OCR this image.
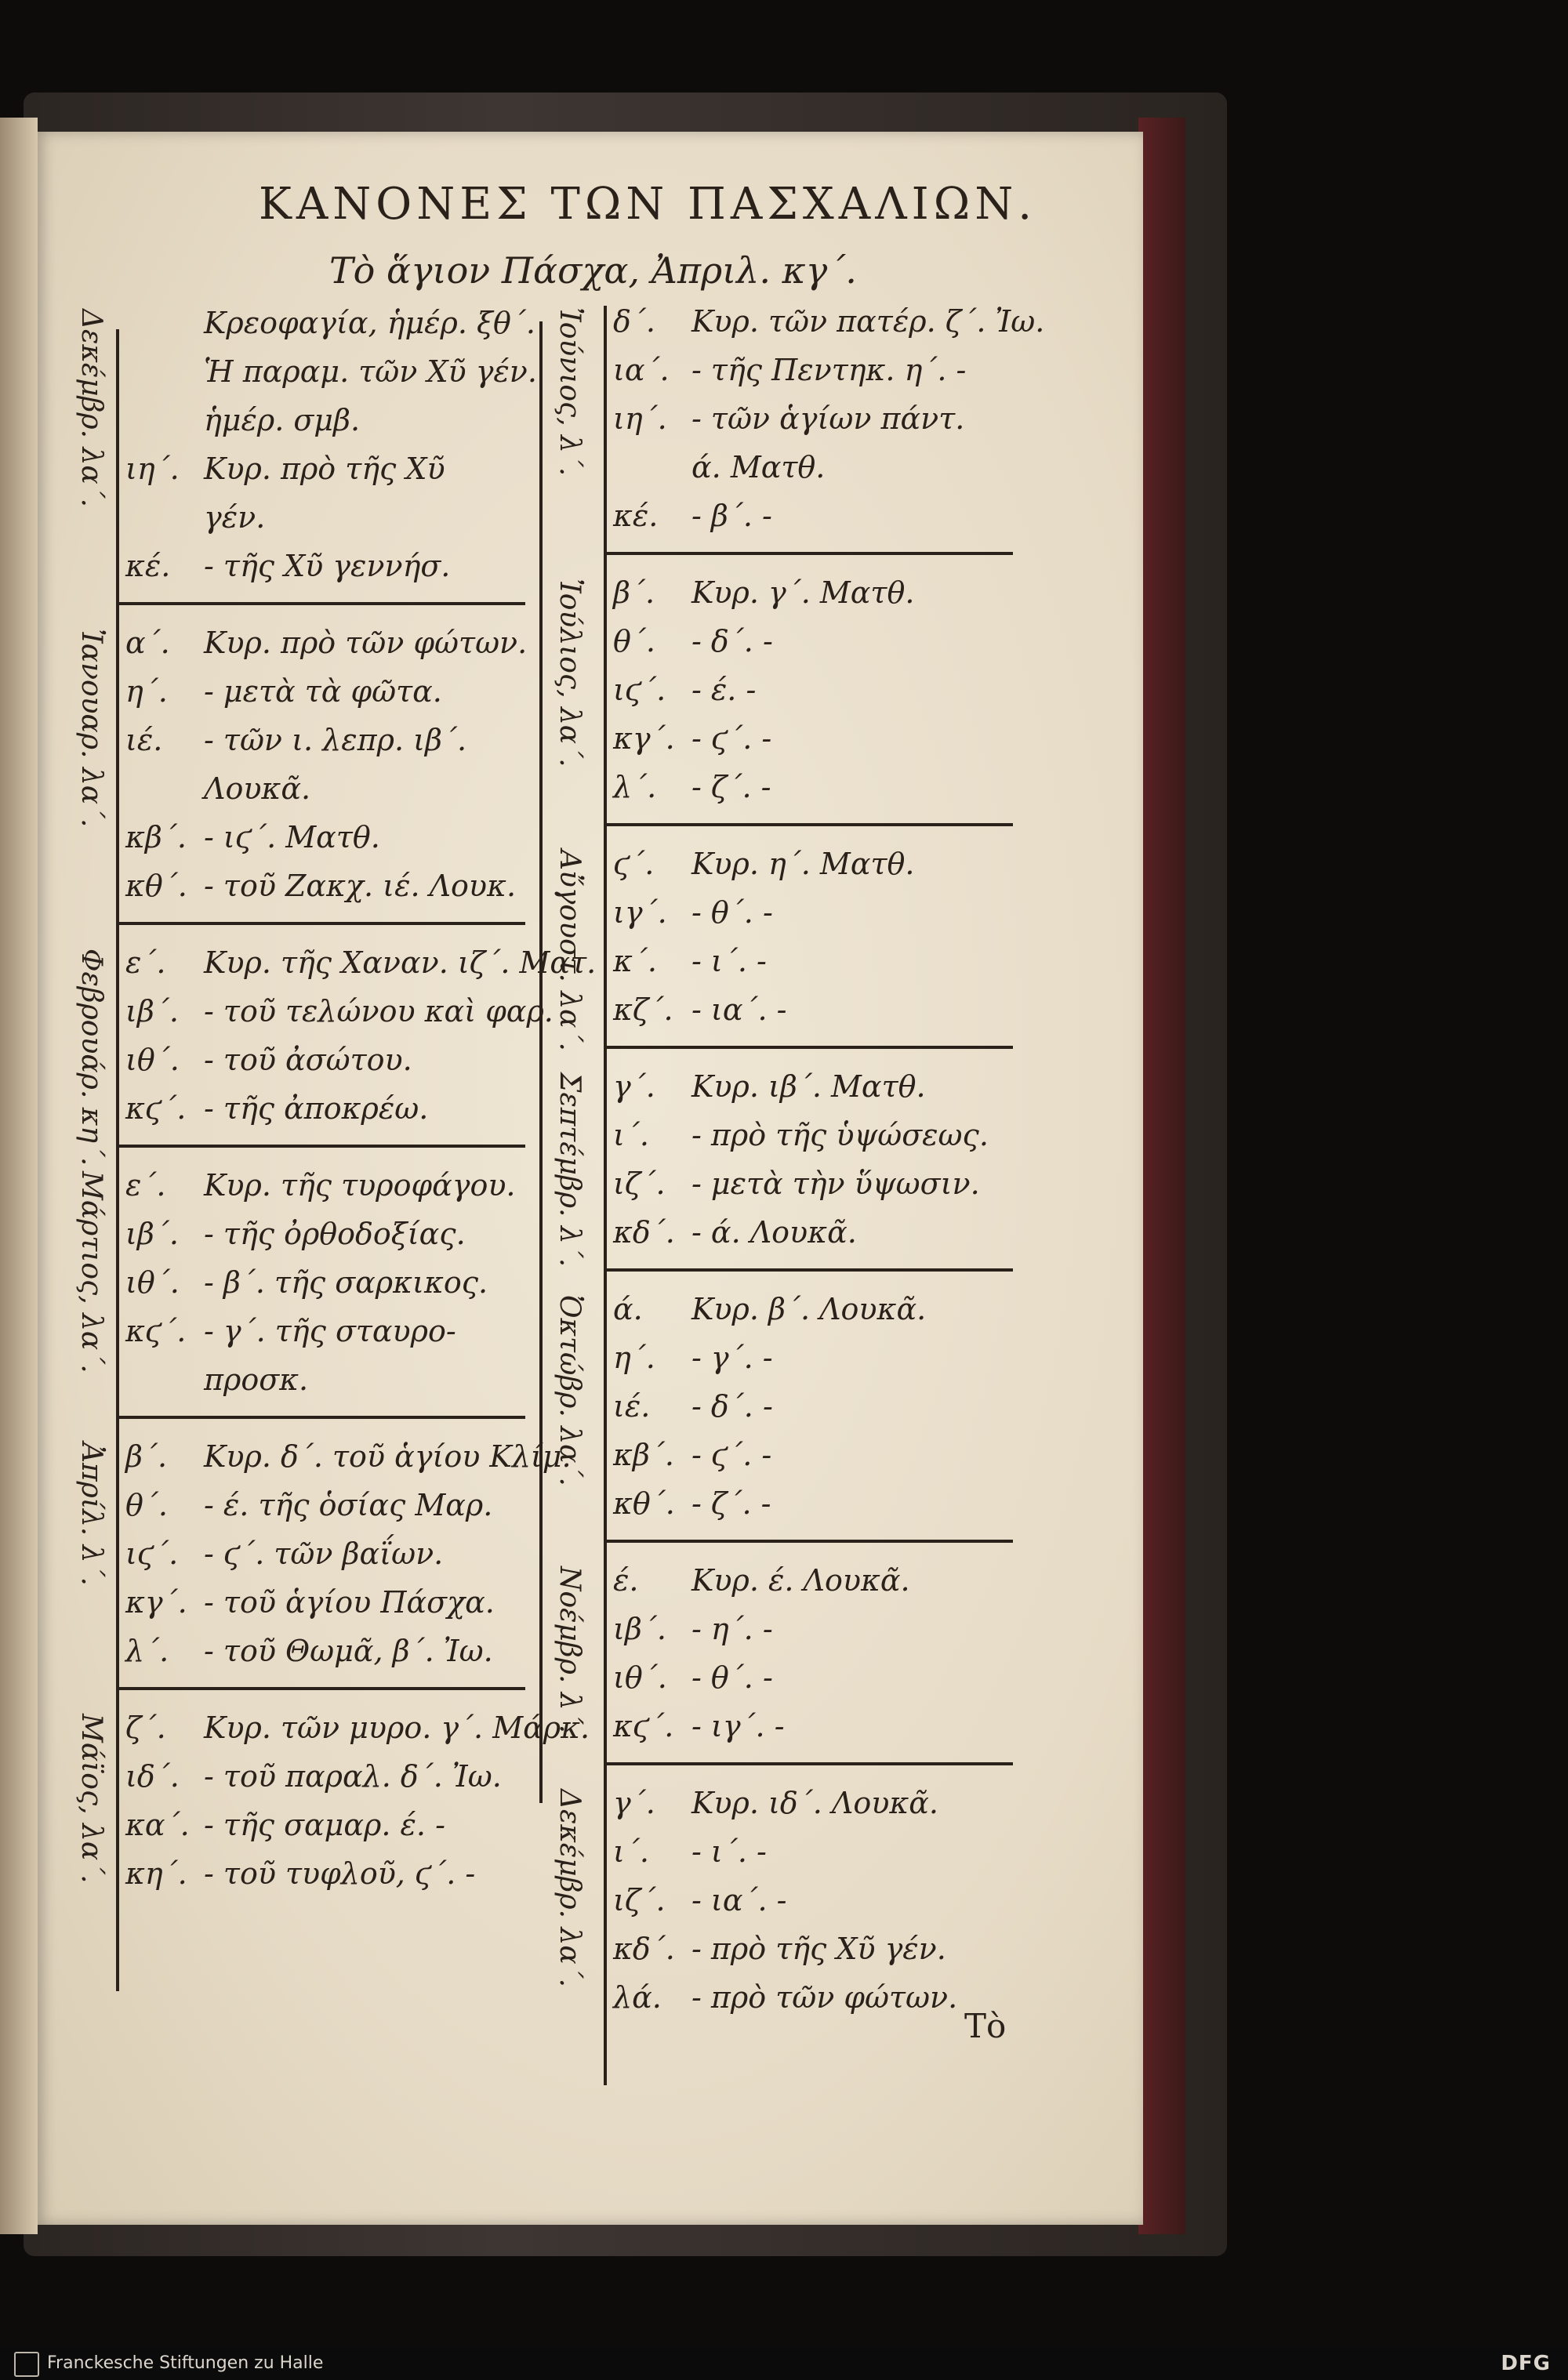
ΚΑΝΟΝΕΣ ΤΩΝ ΠΑΣΧΑΛΙΩΝ.
Τὸ ἅγιον Πάσχα, Ἀπριλ. κγ΄.
Κρεοφαγία, ἡμέρ. ξθ΄.
Ἡ παραμ. τῶν Χῦ γέν.
ἡμέρ. σμβ.
ιη΄. Κυρ. πρὸ τῆς Χῦ
γέν.
κέ. - τῆς Χῦ γεννήσ.
Δεκέμβρ. λα΄.
α΄. Κυρ. πρὸ τῶν φώτων.
η΄. - μετὰ τὰ φῶτα.
ιέ. - τῶν ι. λεπρ. ιβ΄.
Λουκᾶ.
κβ΄. - ιϛ΄. Ματθ.
κθ΄. - τοῦ Ζακχ. ιέ. Λουκ.
Ἰανουαρ. λα΄.
ε΄. Κυρ. τῆς Χαναν. ιζ΄. Ματ.
ιβ΄. - τοῦ τελώνου καὶ φαρ.
ιθ΄. - τοῦ ἀσώτου.
κϛ΄. - τῆς ἀποκρέω.
Φεβρουάρ. κη΄.
ε΄. Κυρ. τῆς τυροφάγου.
ιβ΄. - τῆς ὀρθοδοξίας.
ιθ΄. - β΄. τῆς σαρκικος.
κϛ΄. - γ΄. τῆς σταυρο-
προσκ.
Μάρτιος, λα΄.
β΄. Κυρ. δ΄. τοῦ ἁγίου Κλίμ.
θ΄. - έ. τῆς ὁσίας Μαρ.
ιϛ΄. - ϛ΄. τῶν βαΐων.
κγ΄. - τοῦ ἁγίου Πάσχα.
λ΄. - τοῦ Θωμᾶ, β΄. Ἰω.
Ἀπρίλ. λ΄.
ζ΄. Κυρ. τῶν μυρο. γ΄. Μάρκ.
ιδ΄. - τοῦ παραλ. δ΄. Ἰω.
κα΄. - τῆς σαμαρ. έ. -
κη΄. - τοῦ τυφλοῦ, ϛ΄. -
Μάϊος, λα΄.
δ΄. Κυρ. τῶν πατέρ. ζ΄. Ἰω.
ια΄. - τῆς Πεντηκ. η΄. -
ιη΄. - τῶν ἁγίων πάντ.
ά. Ματθ.
κέ. - β΄. -
Ἰούνιος, λ΄.
β΄. Κυρ. γ΄. Ματθ.
θ΄. - δ΄. -
ιϛ΄. - έ. -
κγ΄. - ϛ΄. -
λ΄. - ζ΄. -
Ἰούλιος, λα΄.
ϛ΄. Κυρ. η΄. Ματθ.
ιγ΄. - θ΄. -
κ΄. - ι΄. -
κζ΄. - ια΄. -
Αὔγουστ. λα΄.
γ΄. Κυρ. ιβ΄. Ματθ.
ι΄. - πρὸ τῆς ὑψώσεως.
ιζ΄. - μετὰ τὴν ὕψωσιν.
κδ΄. - ά. Λουκᾶ.
Σεπτέμβρ. λ΄.
ά. Κυρ. β΄. Λουκᾶ.
η΄. - γ΄. -
ιέ. - δ΄. -
κβ΄. - ϛ΄. -
κθ΄. - ζ΄. -
Ὀκτώβρ. λα΄.
έ. Κυρ. έ. Λουκᾶ.
ιβ΄. - η΄. -
ιθ΄. - θ΄. -
κϛ΄. - ιγ΄. -
Νοέμβρ. λ΄.
γ΄. Κυρ. ιδ΄. Λουκᾶ.
ι΄. - ι΄. -
ιζ΄. - ια΄. -
κδ΄. - πρὸ τῆς Χῦ γέν.
λά. - πρὸ τῶν φώτων.
Δεκέμβρ. λα΄.
Τὸ
Franckesche Stiftungen zu Halle	DFG
